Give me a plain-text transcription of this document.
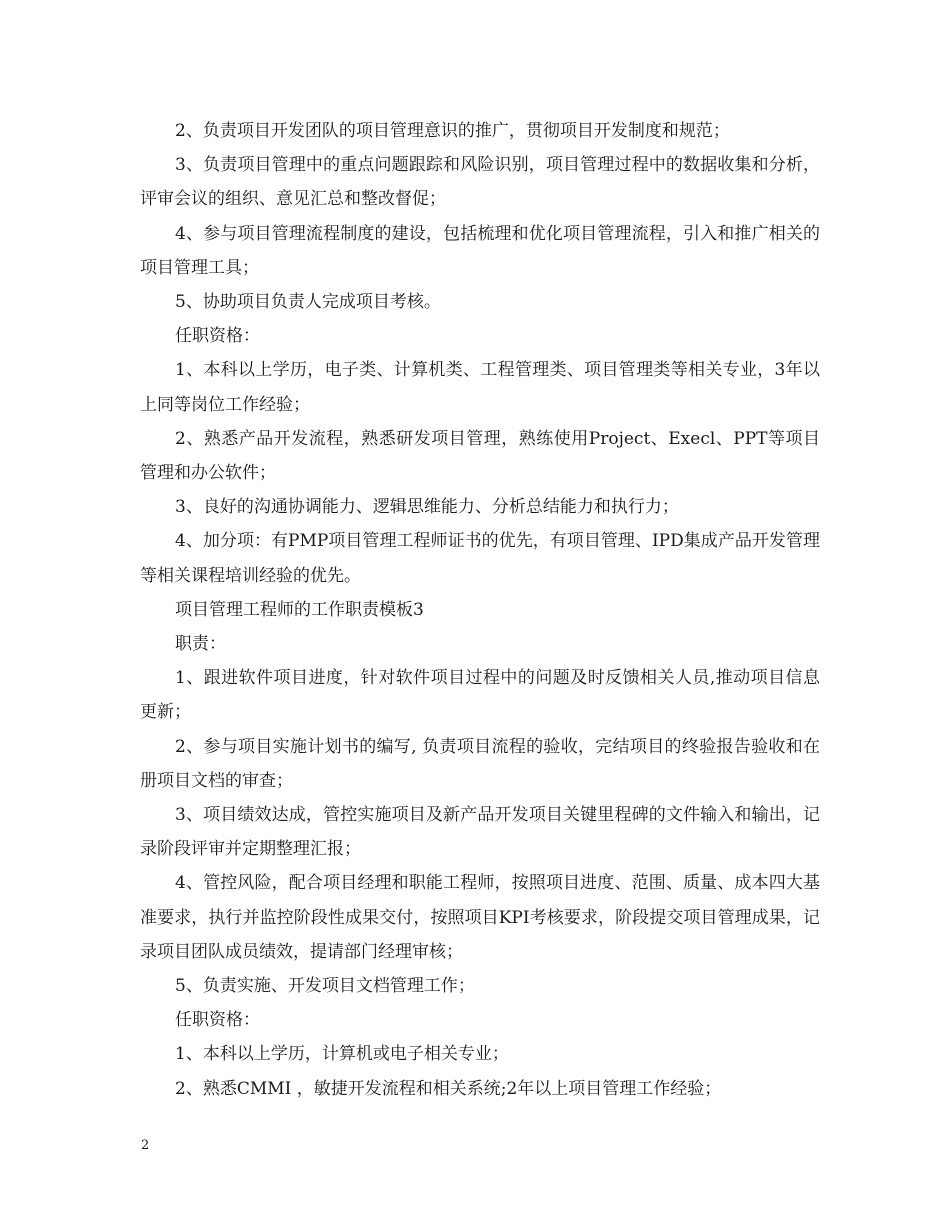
2、负责项目开发团队的项目管理意识的推广，贯彻项目开发制度和规范；

3、负责项目管理中的重点问题跟踪和风险识别，项目管理过程中的数据收集和分析，评审会议的组织、意见汇总和整改督促；

4、参与项目管理流程制度的建设，包括梳理和优化项目管理流程，引入和推广相关的项目管理工具；

5、协助项目负责人完成项目考核。

任职资格：

1、本科以上学历，电子类、计算机类、工程管理类、项目管理类等相关专业，3年以上同等岗位工作经验；

2、熟悉产品开发流程，熟悉研发项目管理，熟练使用Project、Execl、PPT等项目管理和办公软件；

3、良好的沟通协调能力、逻辑思维能力、分析总结能力和执行力；

4、加分项：有PMP项目管理工程师证书的优先，有项目管理、IPD集成产品开发管理等相关课程培训经验的优先。

项目管理工程师的工作职责模板3

职责：

1、跟进软件项目进度，针对软件项目过程中的问题及时反馈相关人员,推动项目信息更新；

2、参与项目实施计划书的编写, 负责项目流程的验收，完结项目的终验报告验收和在册项目文档的审查；

3、项目绩效达成，管控实施项目及新产品开发项目关键里程碑的文件输入和输出，记录阶段评审并定期整理汇报；

4、管控风险，配合项目经理和职能工程师，按照项目进度、范围、质量、成本四大基准要求，执行并监控阶段性成果交付，按照项目KPI考核要求，阶段提交项目管理成果，记录项目团队成员绩效，提请部门经理审核；

5、负责实施、开发项目文档管理工作；

任职资格：

1、本科以上学历，计算机或电子相关专业；

2、熟悉CMMI ，敏捷开发流程和相关系统;2年以上项目管理工作经验；

2
